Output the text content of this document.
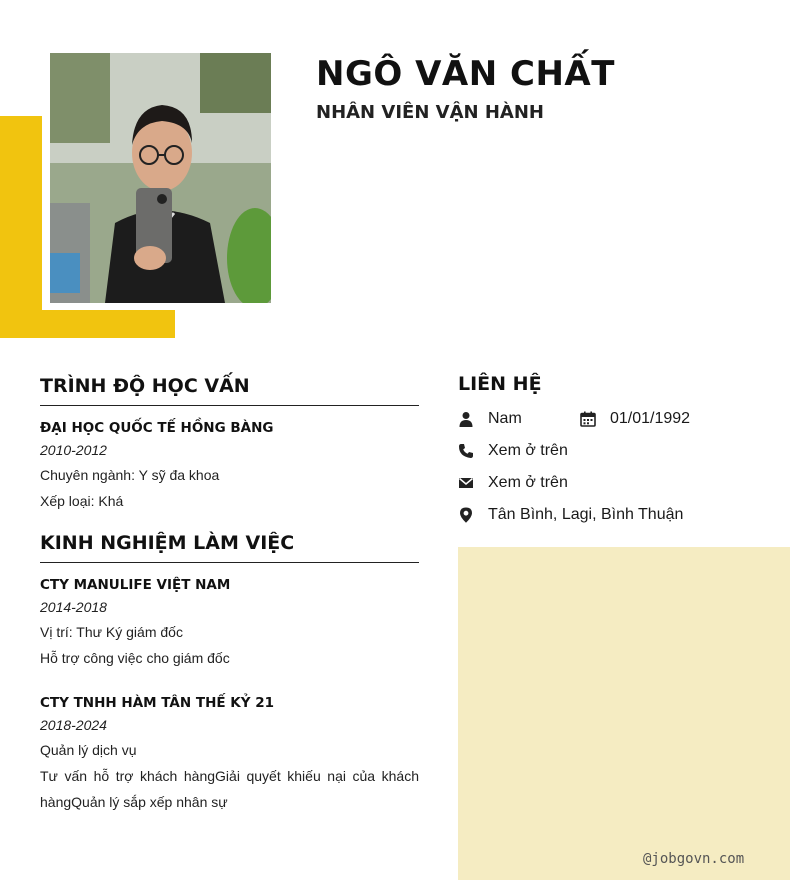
NGÔ VĂN CHẤT
NHÂN VIÊN VẬN HÀNH
TRÌNH ĐỘ HỌC VẤN
ĐẠI HỌC QUỐC TẾ HỒNG BÀNG
2010-2012
Chuyên ngành: Y sỹ đa khoa
Xếp loại: Khá
KINH NGHIỆM LÀM VIỆC
CTY MANULIFE VIỆT NAM
2014-2018
Vị trí: Thư Ký giám đốc
Hỗ trợ công việc cho giám đốc
CTY TNHH HÀM TÂN THẾ KỶ 21
2018-2024
Quản lý dịch vụ
Tư vấn hỗ trợ khách hàngGiải quyết khiếu nại của khách hàngQuản lý sắp xếp nhân sự
LIÊN HỆ
Nam	01/01/1992
Xem ở trên
Xem ở trên
Tân Bình, Lagi, Bình Thuận
@jobgovn.com
